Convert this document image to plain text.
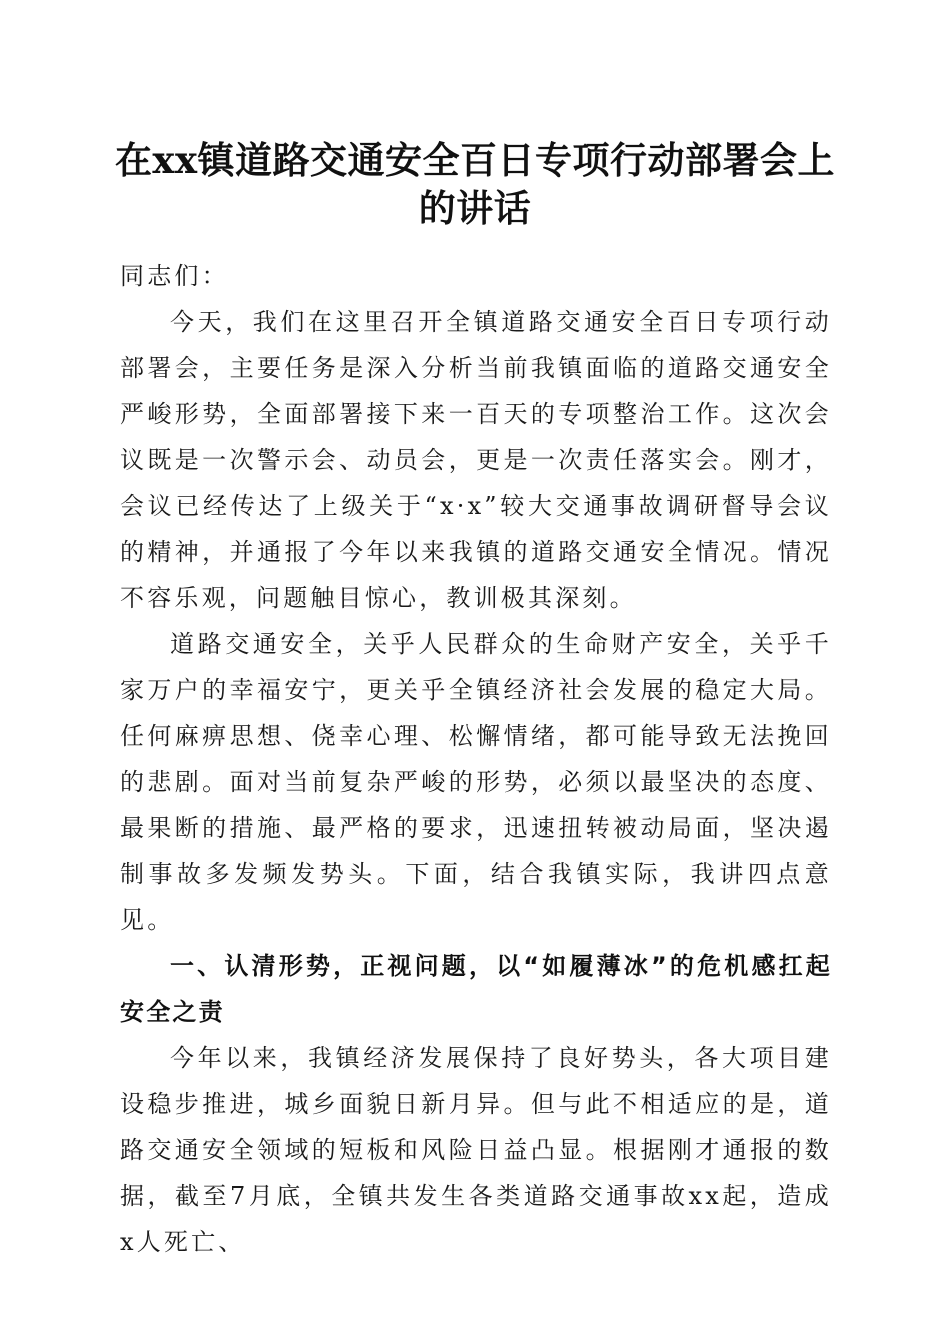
在xx镇道路交通安全百日专项行动部署会上
的讲话

同志们：

今天，我们在这里召开全镇道路交通安全百日专项行动部署会，主要任务是深入分析当前我镇面临的道路交通安全严峻形势，全面部署接下来一百天的专项整治工作。这次会议既是一次警示会、动员会，更是一次责任落实会。刚才，会议已经传达了上级关于“x·x”较大交通事故调研督导会议的精神，并通报了今年以来我镇的道路交通安全情况。情况不容乐观，问题触目惊心，教训极其深刻。

道路交通安全，关乎人民群众的生命财产安全，关乎千家万户的幸福安宁，更关乎全镇经济社会发展的稳定大局。任何麻痹思想、侥幸心理、松懈情绪，都可能导致无法挽回的悲剧。面对当前复杂严峻的形势，必须以最坚决的态度、最果断的措施、最严格的要求，迅速扭转被动局面，坚决遏制事故多发频发势头。下面，结合我镇实际，我讲四点意见。

一、认清形势，正视问题，以“如履薄冰”的危机感扛起安全之责

今年以来，我镇经济发展保持了良好势头，各大项目建设稳步推进，城乡面貌日新月异。但与此不相适应的是，道路交通安全领域的短板和风险日益凸显。根据刚才通报的数据，截至7月底，全镇共发生各类道路交通事故xx起，造成x人死亡、
